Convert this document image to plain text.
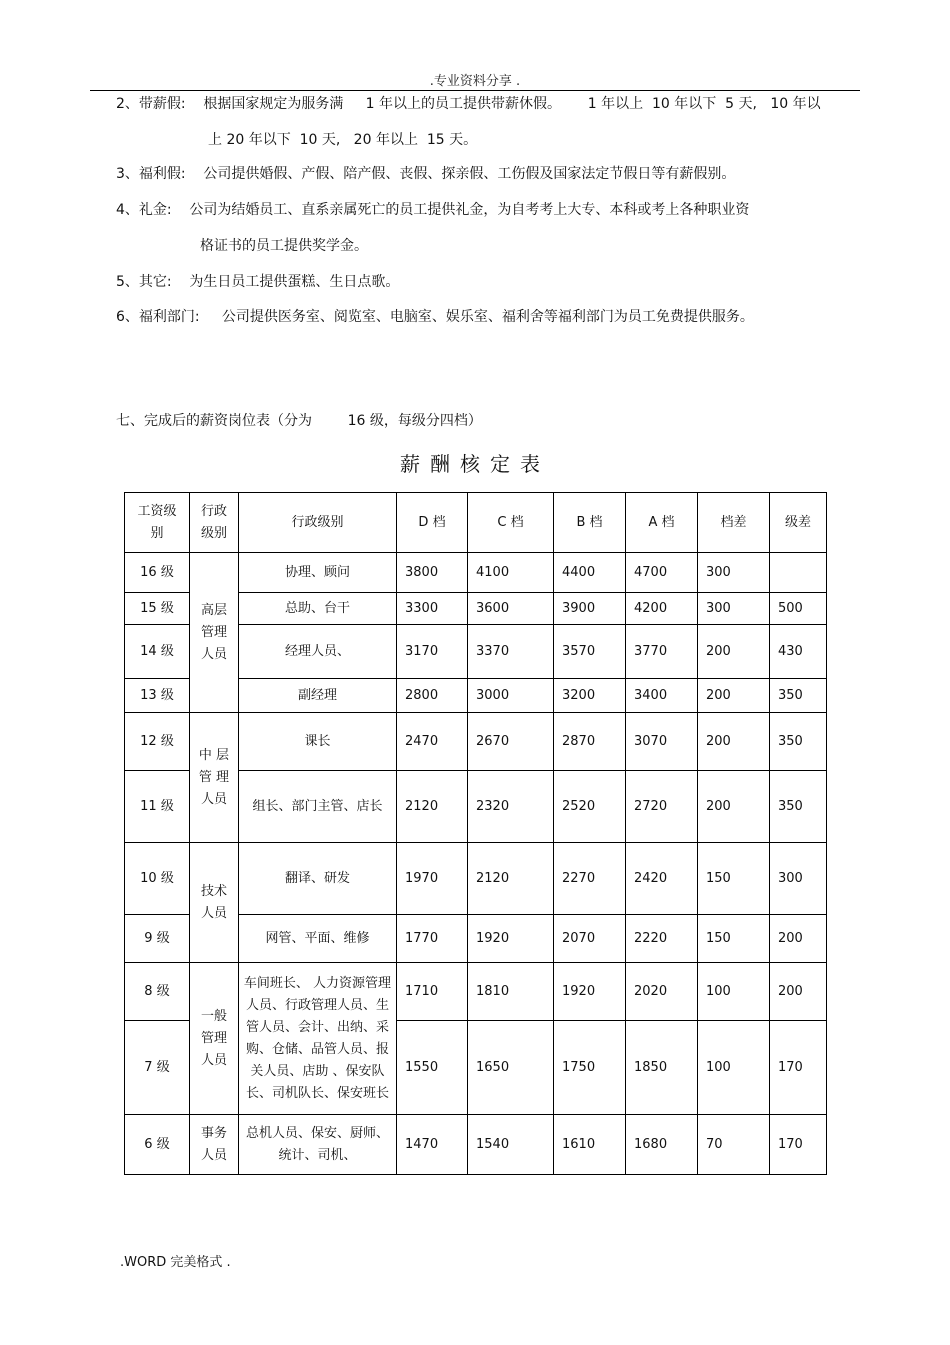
.专业资料分享 .
2、带薪假:    根据国家规定为服务满     1 年以上的员工提供带薪休假。      1 年以上  10 年以下  5 天,   10 年以
上 20 年以下  10 天,   20 年以上  15 天。
3、福利假:    公司提供婚假、产假、陪产假、丧假、探亲假、工伤假及国家法定节假日等有薪假别。
4、礼金:    公司为结婚员工、直系亲属死亡的员工提供礼金，为自考考上大专、本科或考上各种职业资
格证书的员工提供奖学金。
5、其它:    为生日员工提供蛋糕、生日点歌。
6、福利部门:     公司提供医务室、阅览室、电脑室、娱乐室、福利舍等福利部门为员工免费提供服务。
七、完成后的薪资岗位表（分为        16 级，每级分四档）
薪酬核定表
工资级别	行政级别	行政级别	D 档	C 档	B 档	A 档	档差	级差
16 级	高层管理人员	协理、顾问	3800	4100	4400	4700	300	
15 级		总助、台干	3300	3600	3900	4200	300	500
14 级		经理人员、	3170	3370	3570	3770	200	430
13 级		副经理	2800	3000	3200	3400	200	350
12 级	中 层管 理人员	课长	2470	2670	2870	3070	200	350
11 级		组长、部门主管、店长	2120	2320	2520	2720	200	350
10 级	技术人员	翻译、研发	1970	2120	2270	2420	150	300
9 级		网管、平面、维修	1770	1920	2070	2220	150	200
8 级	一般管理人员	车间班长、 人力资源管理人员、行政管理人员、生管人员、会计、出纳、采购、仓储、品管人员、报关人员、店助 、保安队长、司机队长、保安班长	1710	1810	1920	2020	100	200
7 级			1550	1650	1750	1850	100	170
6 级	事务人员	总机人员、保安、厨师、统计、司机、	1470	1540	1610	1680	70	170
.WORD 完美格式 .
